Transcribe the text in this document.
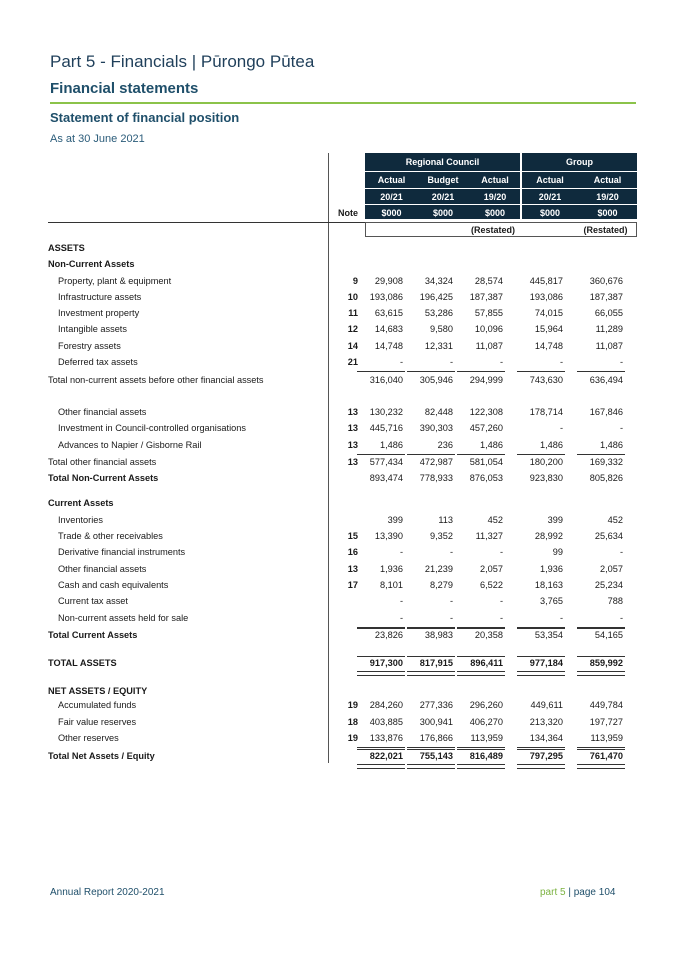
Part 5 - Financials | Pūrongo Pūtea
Financial statements
Statement of financial position
As at 30 June 2021
Regional Council	Group
Actual	Budget	Actual	Actual	Actual
20/21	20/21	19/20	20/21	19/20
$000	$000	$000	$000	$000
(Restated)	(Restated)
Note
ASSETS
Non-Current Assets
Property, plant & equipment	9	29,908	34,324	28,574	445,817	360,676
Infrastructure assets	10	193,086	196,425	187,387	193,086	187,387
Investment property	11	63,615	53,286	57,855	74,015	66,055
Intangible assets	12	14,683	9,580	10,096	15,964	11,289
Forestry assets	14	14,748	12,331	11,087	14,748	11,087
Deferred tax assets	21	-	-	-	-	-
Total non-current assets before other financial assets	316,040	305,946	294,999	743,630	636,494
Other financial assets	13	130,232	82,448	122,308	178,714	167,846
Investment in Council-controlled organisations	13	445,716	390,303	457,260	-	-
Advances to Napier / Gisborne Rail	13	1,486	236	1,486	1,486	1,486
Total other financial assets	13	577,434	472,987	581,054	180,200	169,332
Total Non-Current Assets	893,474	778,933	876,053	923,830	805,826
Current Assets
Inventories	399	113	452	399	452
Trade & other receivables	15	13,390	9,352	11,327	28,992	25,634
Derivative financial instruments	16	-	-	-	99	-
Other financial assets	13	1,936	21,239	2,057	1,936	2,057
Cash and cash equivalents	17	8,101	8,279	6,522	18,163	25,234
Current tax asset	-	-	-	3,765	788
Non-current assets held for sale	-	-	-	-	-
Total Current Assets	23,826	38,983	20,358	53,354	54,165
TOTAL ASSETS	917,300	817,915	896,411	977,184	859,992
NET ASSETS / EQUITY
Accumulated funds	19	284,260	277,336	296,260	449,611	449,784
Fair value reserves	18	403,885	300,941	406,270	213,320	197,727
Other reserves	19	133,876	176,866	113,959	134,364	113,959
Total Net Assets / Equity	822,021	755,143	816,489	797,295	761,470
Annual Report 2020-2021	part 5 | page 104
